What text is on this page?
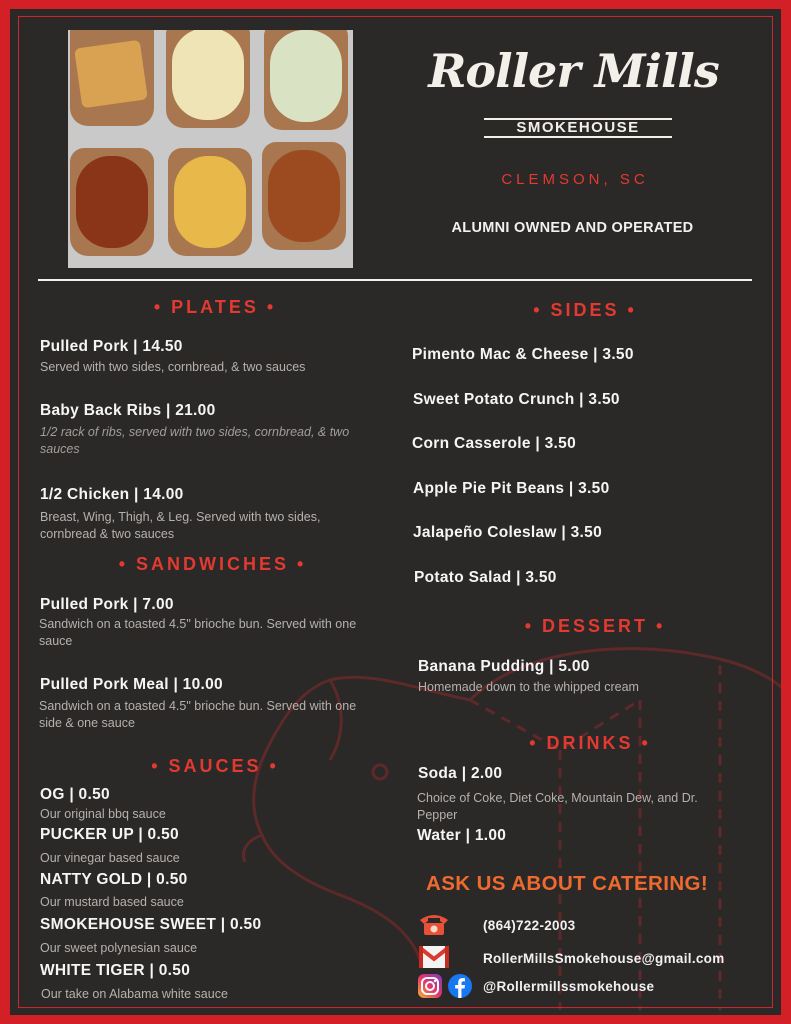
Roller Mills
SMOKEHOUSE
CLEMSON, SC
ALUMNI OWNED AND OPERATED
• PLATES •
Pulled Pork | 14.50
Served with two sides, cornbread, & two sauces
Baby Back Ribs | 21.00
1/2 rack of ribs, served with two sides, cornbread, & two sauces
1/2 Chicken | 14.00
Breast, Wing, Thigh, & Leg. Served with two sides, cornbread & two sauces
• SANDWICHES •
Pulled Pork | 7.00
Sandwich on a toasted 4.5" brioche bun. Served with one sauce
Pulled Pork Meal | 10.00
Sandwich on a toasted 4.5" brioche bun. Served with one side & one sauce
• SAUCES •
OG | 0.50
Our original bbq sauce
PUCKER UP | 0.50
Our vinegar based sauce
NATTY GOLD | 0.50
Our mustard based sauce
SMOKEHOUSE SWEET | 0.50
Our sweet polynesian sauce
WHITE TIGER | 0.50
Our take on Alabama white sauce
• SIDES •
Pimento Mac & Cheese | 3.50
Sweet Potato Crunch | 3.50
Corn Casserole | 3.50
Apple Pie Pit Beans | 3.50
Jalapeño Coleslaw | 3.50
Potato Salad | 3.50
• DESSERT •
Banana Pudding | 5.00
Homemade down to the whipped cream
• DRINKS •
Soda | 2.00
Choice of Coke, Diet Coke, Mountain Dew, and Dr. Pepper
Water | 1.00
ASK US ABOUT CATERING!
(864)722-2003
RollerMillsSmokehouse@gmail.com
@Rollermillssmokehouse
